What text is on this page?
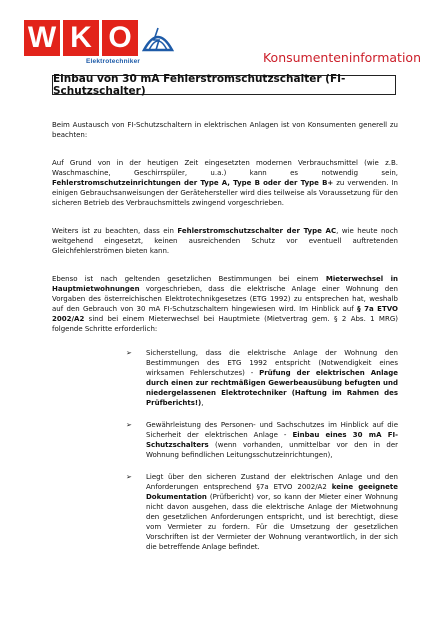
W K O
Elektrotechniker	Konsumenteninformation
Einbau von 30 mA Fehlerstromschutzschalter (FI-Schutzschalter)

Beim Austausch von FI-Schutzschaltern in elektrischen Anlagen ist von Konsumenten generell zu beachten:

Auf Grund von in der heutigen Zeit eingesetzten modernen Verbrauchsmittel (wie z.B. Waschmaschine, Geschirrspüler, u.a.) kann es notwendig sein, Fehlerstromschutzeinrichtungen der Type A, Type B oder der Type B+ zu verwenden. In einigen Gebrauchsanweisungen der Gerätehersteller wird dies teilweise als Voraussetzung für den sicheren Betrieb des Verbrauchsmittels zwingend vorgeschrieben.

Weiters ist zu beachten, dass ein Fehlerstromschutzschalter der Type AC, wie heute noch weitgehend eingesetzt, keinen ausreichenden Schutz vor eventuell auftretenden Gleichfehlerströmen bieten kann.

Ebenso ist nach geltenden gesetzlichen Bestimmungen bei einem Mieterwechsel in Hauptmietwohnungen vorgeschrieben, dass die elektrische Anlage einer Wohnung den Vorgaben des österreichischen Elektrotechnikgesetzes (ETG 1992) zu entsprechen hat, weshalb auf den Gebrauch von 30 mA FI-Schutzschaltern hingewiesen wird. Im Hinblick auf § 7a ETVO 2002/A2 sind bei einem Mieterwechsel bei Hauptmiete (Mietvertrag gem. § 2 Abs. 1 MRG) folgende Schritte erforderlich:

➢ Sicherstellung, dass die elektrische Anlage der Wohnung den Bestimmungen des ETG 1992 entspricht (Notwendigkeit eines wirksamen Fehlerschutzes) - Prüfung der elektrischen Anlage durch einen zur rechtmäßigen Gewerbeausübung befugten und niedergelassenen Elektrotechniker (Haftung im Rahmen des Prüfberichts!),
➢ Gewährleistung des Personen- und Sachschutzes im Hinblick auf die Sicherheit der elektrischen Anlage - Einbau eines 30 mA FI-Schutzschalters (wenn vorhanden, unmittelbar vor den in der Wohnung befindlichen Leitungsschutzeinrichtungen),
➢ Liegt über den sicheren Zustand der elektrischen Anlage und den Anforderungen entsprechend §7a ETVO 2002/A2 keine geeignete Dokumentation (Prüfbericht) vor, so kann der Mieter einer Wohnung nicht davon ausgehen, dass die elektrische Anlage der Mietwohnung den gesetzlichen Anforderungen entspricht, und ist berechtigt, diese vom Vermieter zu fordern. Für die Umsetzung der gesetzlichen Vorschriften ist der Vermieter der Wohnung verantwortlich, in der sich die betreffende Anlage befindet.
